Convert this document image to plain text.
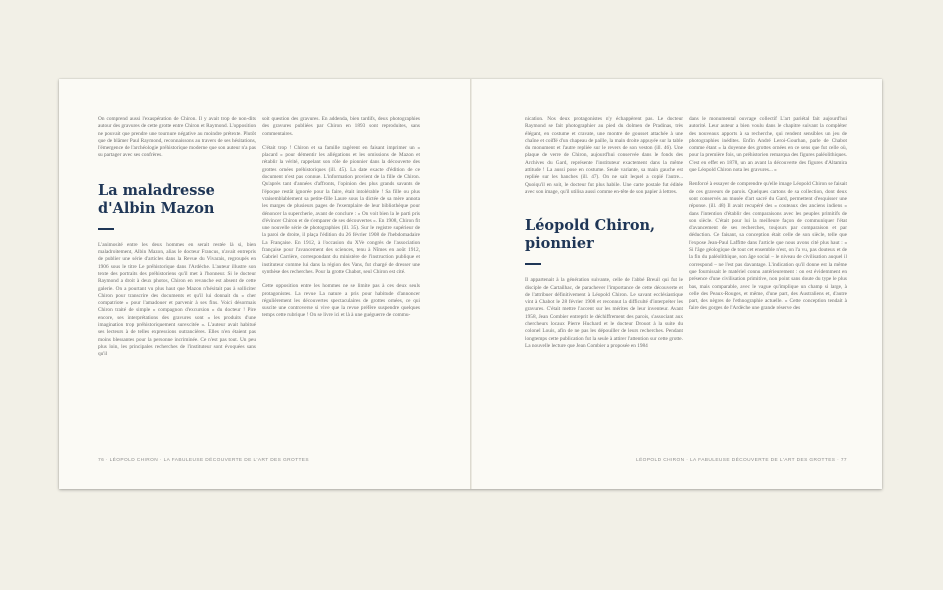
On comprend aussi l'exaspération de Chiron. Il y avait trop de non-dits autour des gravures de cette grotte entre Chiron et Raymond. L'opposition ne pouvait que prendre une tournure négative au moindre prétexte. Plutôt que de blâmer Paul Raymond, reconnaissons au travers de ses hésitations, l'émergence de l'archéologie préhistorique moderne que son auteur n'a pas su partager avec ses confrères.

La maladresse d'Albin Mazon

L'animosité entre les deux hommes en serait restée là si, bien maladroitement, Albin Mazon, alias le docteur Francus, n'avait entrepris de publier une série d'articles dans la Revue du Vivarais, regroupés en 1906 sous le titre Le préhistorique dans l'Ardèche. L'auteur illustre son texte des portraits des préhistoriens qu'il met à l'honneur. Si le docteur Raymond a droit à deux photos, Chiron en revanche est absent de cette galerie. On a pourtant vu plus haut que Mazon n'hésitait pas à solliciter Chiron pour transcrire des documents et qu'il lui donnait du « cher compatriote » pour l'amadouer et parvenir à ses fins. Voici désormais Chiron traité de simple « compagnon d'excursion » du docteur ! Pire encore, ses interprétations des gravures sont « les produits d'une imagination trop préhistoriquement surexcitée ». L'auteur avait habitué ses lecteurs à de telles expressions outrancières. Elles n'en étaient pas moins blessantes pour la personne incriminée. Ce n'est pas tout. Un peu plus loin, les principales recherches de l'instituteur sont évoquées sans qu'il

soit question des gravures. En addenda, bien tardifs, deux photographies des gravures publiées par Chiron en 1893 sont reproduites, sans commentaires.

C'était trop ! Chiron et sa famille ragèrent en faisant imprimer un « placard » pour démentir les allégations et les omissions de Mazon et rétablir la vérité, rappelant son rôle de pionnier dans la découverte des grottes ornées préhistoriques (ill. 45). La date exacte d'édition de ce document n'est pas connue. L'information provient de la fille de Chiron. Qu'après tant d'années d'affronts, l'opinion des plus grands savants de l'époque restât ignorée pour la faire, était intolérable ! Sa fille ou plus vraisemblablement sa petite-fille Laure sous la dictée de sa mère annota les marges de plusieurs pages de l'exemplaire de leur bibliothèque pour dénoncer la supercherie, avant de conclure : « On voit bien la le parti pris d'évincer Chiron et de s'emparer de ses découvertes ». En 1908, Chiron fit une nouvelle série de photographies (ill. 35). Sur le registre supérieur de la paroi de droite, il plaça l'édition du 26 février 1908 de l'hebdomadaire La Française. En 1912, à l'occasion du XVe congrès de l'association française pour l'avancement des sciences, tenu à Nîmes en août 1912, Gabriel Carrière, correspondant du ministère de l'instruction publique et instituteur comme lui dans la région des Vans, fut chargé de dresser une synthèse des recherches. Pour la grotte Chabot, seul Chiron est cité.

Cette opposition entre les hommes ne se limite pas à ces deux seuls protagonistes. La revue La nature a pris pour habitude d'annoncer régulièrement les découvertes spectaculaires de grottes ornées, ce qui suscite une controverse si vive que la revue préfère suspendre quelques temps cette rubrique ! On se livre ici et là à une guéguerre de commu-

76 · LÉOPOLD CHIRON · LA FABULEUSE DÉCOUVERTE DE L'ART DES GROTTES

nication. Nos deux protagonistes n'y échappèrent pas. Le docteur Raymond se fait photographier au pied du dolmen de Pradinas, très élégant, en costume et cravate, une montre de gousset attachée à une chaîne et coiffé d'un chapeau de paille, la main droite appuyée sur la table du monument et l'autre repliée sur le revers de son veston (ill. 46). Une plaque de verre de Chiron, aujourd'hui conservée dans le fonds des Archives du Gard, représente l'instituteur exactement dans la même attitude ! La aussi pose en costume. Seule variante, sa main gauche est repliée sur les hanches (ill. 47). On ne sait lequel a copié l'autre... Quoiqu'il en soit, le docteur fut plus habile. Une carte postale fut éditée avec son image, qu'il utilisa aussi comme en-tête de son papier à lettres.

Léopold Chiron, pionnier

Il appartenait à la génération suivante, celle de l'abbé Breuil qui fut le disciple de Cartailhac, de parachever l'importance de cette découverte et de l'attribuer définitivement à Léopold Chiron. Le savant ecclésiastique vint à Chabot le 28 février 1908 et reconnut la difficulté d'interpréter les gravures. C'était mettre l'accent sur les mérites de leur inventeur. Avant 1958, Jean Combier entreprit le déchiffrement des parois, s'associant aux chercheurs locaux Pierre Huchard et le docteur Drouot à la suite du colonel Louis, afin de ne pas les dépouiller de leurs recherches. Pendant longtemps cette publication fut la seule à attirer l'attention sur cette grotte. La nouvelle lecture que Jean Combier a proposée en 1984

dans le monumental ouvrage collectif L'art pariétal fait aujourd'hui autorité. Leur auteur a bien voulu dans le chapitre suivant la compléter des nouveaux apports à sa recherche, qui rendent sensibles un jeu de photographies inédites. Enfin André Leroi-Gourhan, parle de Chabot comme étant « la doyenne des grottes ornées en ce sens que fut celle où, pour la première fois, un préhistorien remarqua des figures paléolithiques. C'est en effet en 1878, un an avant la découverte des figures d'Altamira que Léopold Chiron nota les gravures... »

Renforcé à essayer de comprendre qu'elle image Léopold Chiron se faisait de ces graveurs de parois. Quelques cartons de sa collection, dont deux sont conservés au musée d'art sacré du Gard, permettent d'esquisser une réponse. (ill. 48) Il avait recupéré des « couteaux des anciens indiens » dans l'intention d'établir des comparaisons avec les peuples primitifs de son siècle. C'était pour lui la meilleure façon de communiquer l'état d'avancement de ses recherches, toujours par comparaison et par déduction. Ce faisant, sa conception était celle de son siècle, telle que l'expose Jean-Paul Laffitte dans l'article que nous avons cité plus haut : « Si l'âge géologique de tout cet ensemble n'est, on l'a vu, pas douteux et de la fin du paléolithique, son âge social – le niveau de civilisation auquel il correspond – ne l'est pas davantage. L'indication qu'il donne est la même que fournissait le matériel connu antérieurement : on est évidemment en présence d'une civilisation primitive, non point sans doute du type le plus bas, mais comparable, avec le vague qu'implique un champ si large, à celle des Peaux-Rouges, et même, d'une part, des Australiens et, d'autre part, des nègres de l'ethnographie actuelle. » Cette conception tendait à faire des gorges de l'Ardèche une grande réserve des

LÉOPOLD CHIRON · LA FABULEUSE DÉCOUVERTE DE L'ART DES GROTTES · 77
